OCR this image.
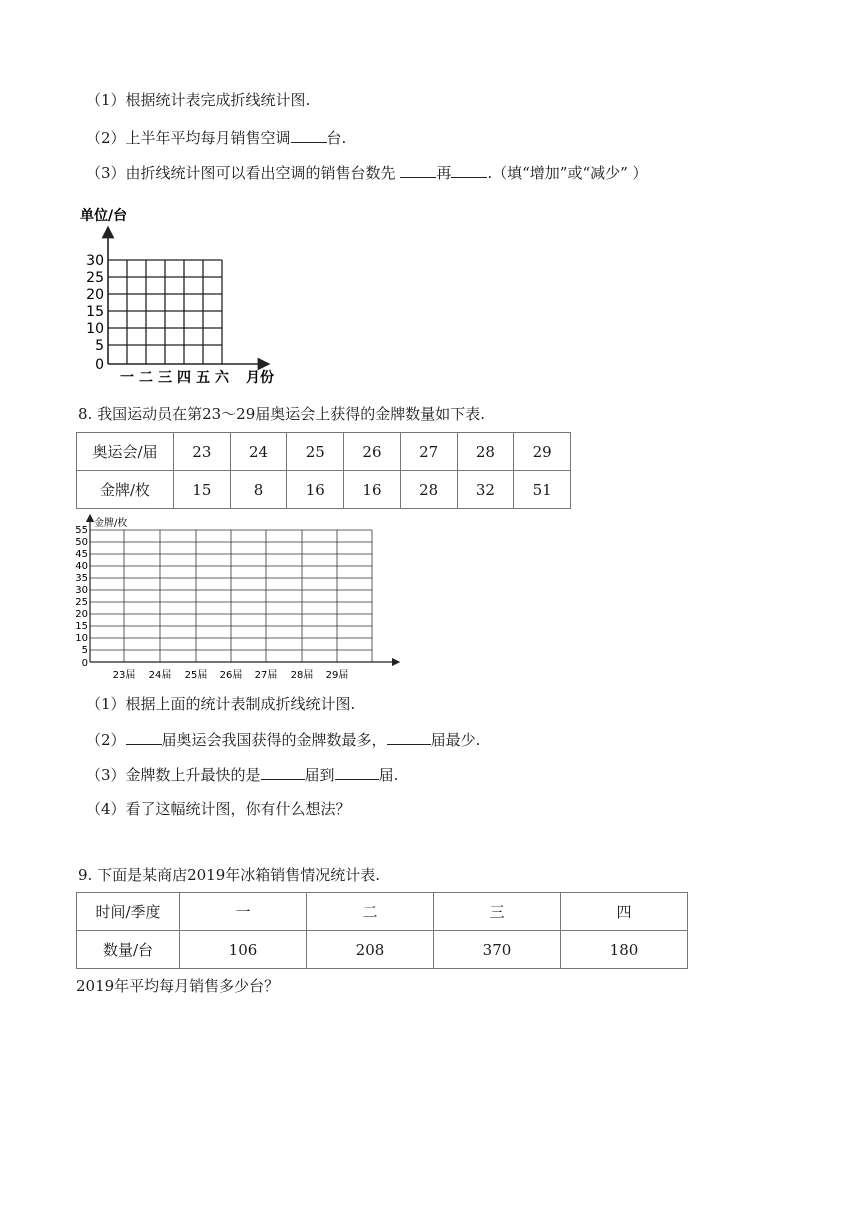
（1）根据统计表完成折线统计图.
（2）上半年平均每月销售空调 台.
（3）由折线统计图可以看出空调的销售台数先 再 .（填“增加”或“减少” ）
单位/台
30
25
20
15
10
5
0
一 二 三 四 五 六 月份
8. 我国运动员在第23～29届奥运会上获得的金牌数量如下表.
奥运会/届	23	24	25	26	27	28	29
金牌/枚	15	8	16	16	28	32	51
金牌/枚
55
50
45
40
35
30
25
20
15
10
5
0
23届 24届 25届 26届 27届 28届 29届
（1）根据上面的统计表制成折线统计图.
（2） 届奥运会我国获得的金牌数最多，	届最少.
（3）金牌数上升最快的是	届到	届.
（4）看了这幅统计图，你有什么想法？
9. 下面是某商店2019年冰箱销售情况统计表.
时间/季度	一	二	三	四
数量/台	106	208	370	180
2019年平均每月销售多少台？
